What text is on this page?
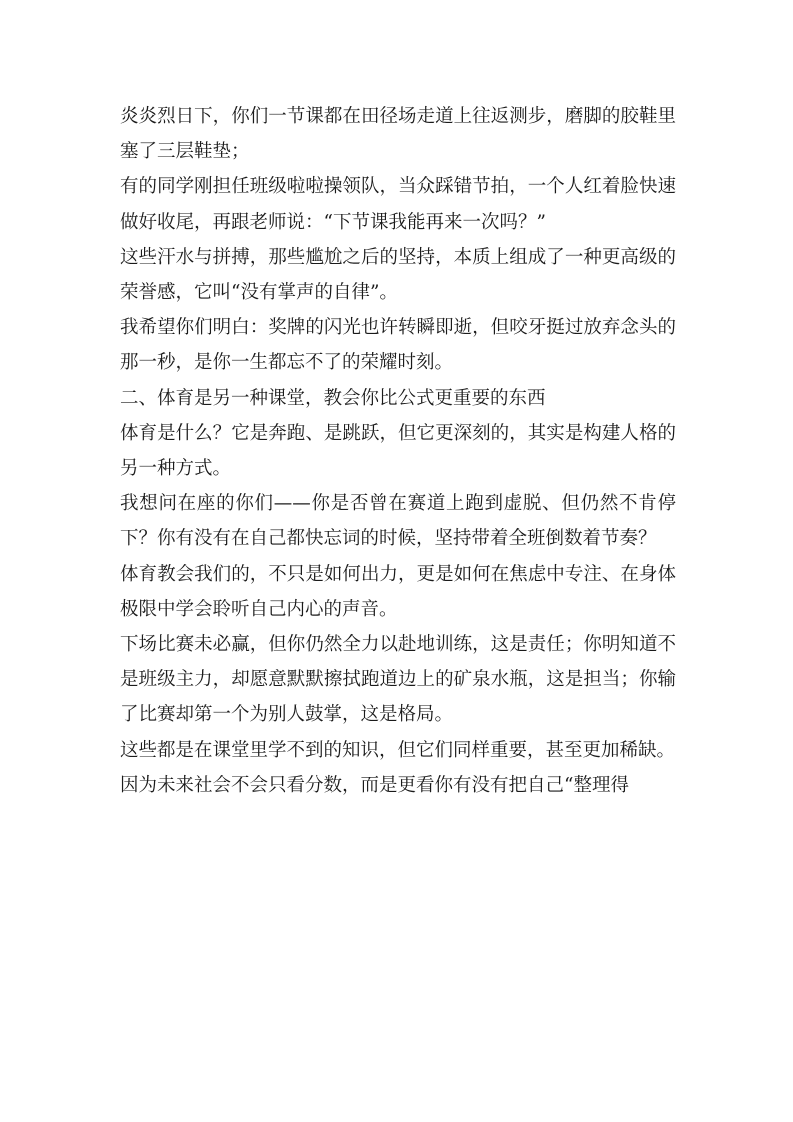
炎炎烈日下，你们一节课都在田径场走道上往返测步，磨脚的胶鞋里塞了三层鞋垫；

有的同学刚担任班级啦啦操领队，当众踩错节拍，一个人红着脸快速做好收尾，再跟老师说：“下节课我能再来一次吗？”

这些汗水与拼搏，那些尴尬之后的坚持，本质上组成了一种更高级的荣誉感，它叫“没有掌声的自律”。

我希望你们明白：奖牌的闪光也许转瞬即逝，但咬牙挺过放弃念头的那一秒，是你一生都忘不了的荣耀时刻。

二、体育是另一种课堂，教会你比公式更重要的东西

体育是什么？它是奔跑、是跳跃，但它更深刻的，其实是构建人格的另一种方式。

我想问在座的你们——你是否曾在赛道上跑到虚脱、但仍然不肯停下？你有没有在自己都快忘词的时候，坚持带着全班倒数着节奏？

体育教会我们的，不只是如何出力，更是如何在焦虑中专注、在身体极限中学会聆听自己内心的声音。

下场比赛未必赢，但你仍然全力以赴地训练，这是责任；你明知道不是班级主力，却愿意默默擦拭跑道边上的矿泉水瓶，这是担当；你输了比赛却第一个为别人鼓掌，这是格局。

这些都是在课堂里学不到的知识，但它们同样重要，甚至更加稀缺。

因为未来社会不会只看分数，而是更看你有没有把自己“整理得
